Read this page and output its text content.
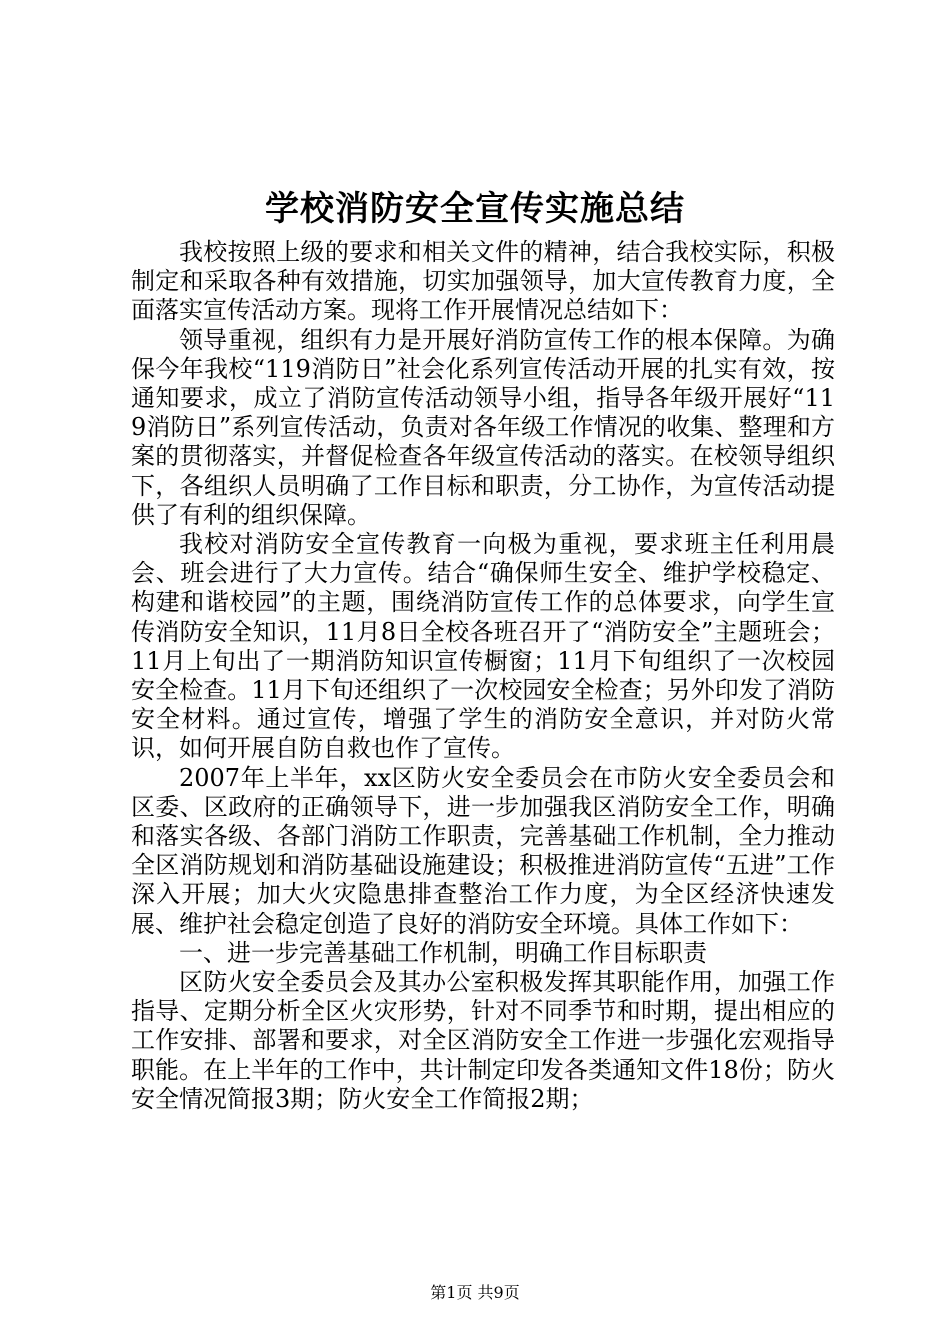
学校消防安全宣传实施总结

我校按照上级的要求和相关文件的精神，结合我校实际，积极制定和采取各种有效措施，切实加强领导，加大宣传教育力度，全面落实宣传活动方案。现将工作开展情况总结如下：

领导重视，组织有力是开展好消防宣传工作的根本保障。为确保今年我校“119消防日”社会化系列宣传活动开展的扎实有效，按通知要求，成立了消防宣传活动领导小组，指导各年级开展好“119消防日”系列宣传活动，负责对各年级工作情况的收集、整理和方案的贯彻落实，并督促检查各年级宣传活动的落实。在校领导组织下，各组织人员明确了工作目标和职责，分工协作，为宣传活动提供了有利的组织保障。

我校对消防安全宣传教育一向极为重视，要求班主任利用晨会、班会进行了大力宣传。结合“确保师生安全、维护学校稳定、构建和谐校园”的主题，围绕消防宣传工作的总体要求，向学生宣传消防安全知识，11月8日全校各班召开了“消防安全”主题班会；11月上旬出了一期消防知识宣传橱窗；11月下旬组织了一次校园安全检查。11月下旬还组织了一次校园安全检查；另外印发了消防安全材料。通过宣传，增强了学生的消防安全意识，并对防火常识，如何开展自防自救也作了宣传。

2007年上半年，xx区防火安全委员会在市防火安全委员会和区委、区政府的正确领导下，进一步加强我区消防安全工作，明确和落实各级、各部门消防工作职责，完善基础工作机制，全力推动全区消防规划和消防基础设施建设；积极推进消防宣传“五进”工作深入开展；加大火灾隐患排查整治工作力度，为全区经济快速发展、维护社会稳定创造了良好的消防安全环境。具体工作如下：

一、进一步完善基础工作机制，明确工作目标职责

区防火安全委员会及其办公室积极发挥其职能作用，加强工作指导、定期分析全区火灾形势，针对不同季节和时期，提出相应的工作安排、部署和要求，对全区消防安全工作进一步强化宏观指导职能。在上半年的工作中，共计制定印发各类通知文件18份；防火安全情况简报3期；防火安全工作简报2期；

第1页 共9页
